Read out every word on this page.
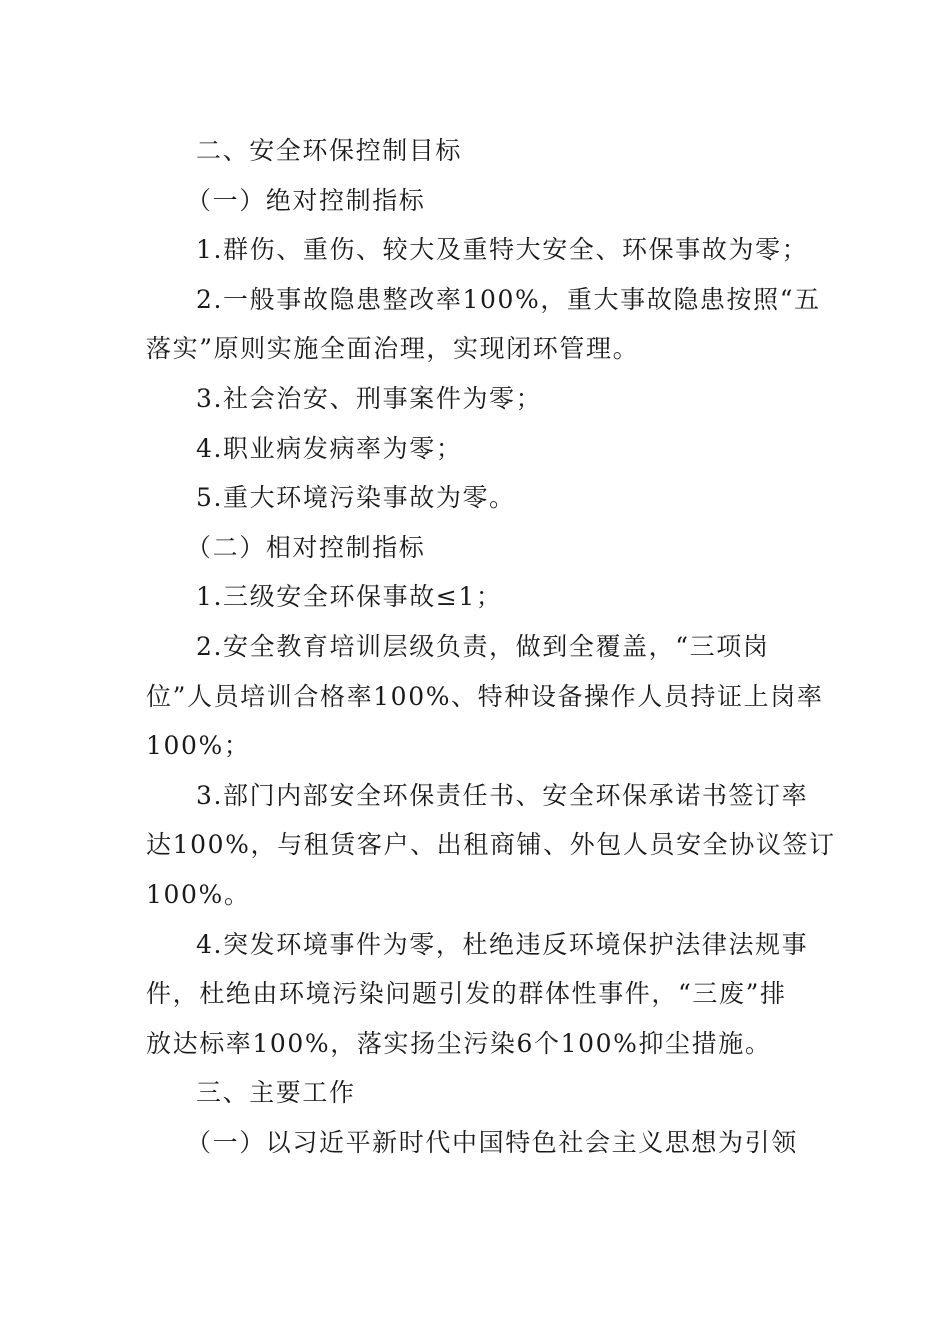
二、安全环保控制目标
（一）绝对控制指标
1.群伤、重伤、较大及重特大安全、环保事故为零；
2.一般事故隐患整改率100%，重大事故隐患按照“五
落实”原则实施全面治理，实现闭环管理。
3.社会治安、刑事案件为零；
4.职业病发病率为零；
5.重大环境污染事故为零。
（二）相对控制指标
1.三级安全环保事故≤1；
2.安全教育培训层级负责，做到全覆盖，“三项岗
位”人员培训合格率100%、特种设备操作人员持证上岗率
100%；
3.部门内部安全环保责任书、安全环保承诺书签订率
达100%，与租赁客户、出租商铺、外包人员安全协议签订
100%。
4.突发环境事件为零，杜绝违反环境保护法律法规事
件，杜绝由环境污染问题引发的群体性事件，“三废”排
放达标率100%，落实扬尘污染6个100%抑尘措施。
三、主要工作
（一）以习近平新时代中国特色社会主义思想为引领
